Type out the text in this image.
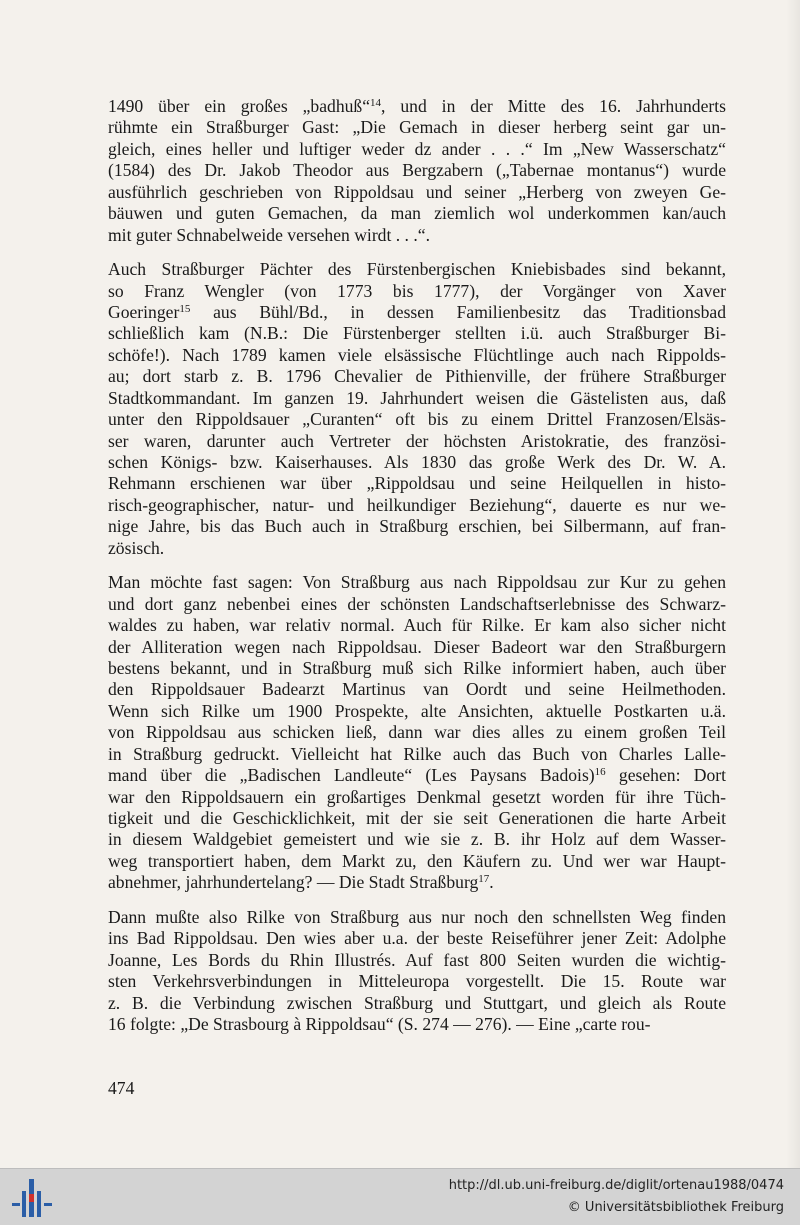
1490 über ein großes „badhuß“$^{14}$, und in der Mitte des 16. Jahrhunderts
rühmte ein Straßburger Gast: „Die Gemach in dieser herberg seint gar un-
gleich, eines heller und luftiger weder dz ander . . .“ Im „New Wasserschatz“
(1584) des Dr. Jakob Theodor aus Bergzabern („Tabernae montanus“) wurde
ausführlich geschrieben von Rippoldsau und seiner „Herberg von zweyen Ge-
bäuwen und guten Gemachen, da man ziemlich wol underkommen kan/auch
mit guter Schnabelweide versehen wirdt . . .“.
Auch Straßburger Pächter des Fürstenbergischen Kniebisbades sind bekannt,
so Franz Wengler (von 1773 bis 1777), der Vorgänger von Xaver
Goeringer$^{15}$ aus Bühl/Bd., in dessen Familienbesitz das Traditionsbad
schließlich kam (N.B.: Die Fürstenberger stellten i.ü. auch Straßburger Bi-
schöfe!). Nach 1789 kamen viele elsässische Flüchtlinge auch nach Rippolds-
au; dort starb z. B. 1796 Chevalier de Pithienville, der frühere Straßburger
Stadtkommandant. Im ganzen 19. Jahrhundert weisen die Gästelisten aus, daß
unter den Rippoldsauer „Curanten“ oft bis zu einem Drittel Franzosen/Elsäs-
ser waren, darunter auch Vertreter der höchsten Aristokratie, des französi-
schen Königs- bzw. Kaiserhauses. Als 1830 das große Werk des Dr. W. A.
Rehmann erschienen war über „Rippoldsau und seine Heilquellen in histo-
risch-geographischer, natur- und heilkundiger Beziehung“, dauerte es nur we-
nige Jahre, bis das Buch auch in Straßburg erschien, bei Silbermann, auf fran-
zösisch.
Man möchte fast sagen: Von Straßburg aus nach Rippoldsau zur Kur zu gehen
und dort ganz nebenbei eines der schönsten Landschaftserlebnisse des Schwarz-
waldes zu haben, war relativ normal. Auch für Rilke. Er kam also sicher nicht
der Alliteration wegen nach Rippoldsau. Dieser Badeort war den Straßburgern
bestens bekannt, und in Straßburg muß sich Rilke informiert haben, auch über
den Rippoldsauer Badearzt Martinus van Oordt und seine Heilmethoden.
Wenn sich Rilke um 1900 Prospekte, alte Ansichten, aktuelle Postkarten u.ä.
von Rippoldsau aus schicken ließ, dann war dies alles zu einem großen Teil
in Straßburg gedruckt. Vielleicht hat Rilke auch das Buch von Charles Lalle-
mand über die „Badischen Landleute“ (Les Paysans Badois)$^{16}$ gesehen: Dort
war den Rippoldsauern ein großartiges Denkmal gesetzt worden für ihre Tüch-
tigkeit und die Geschicklichkeit, mit der sie seit Generationen die harte Arbeit
in diesem Waldgebiet gemeistert und wie sie z. B. ihr Holz auf dem Wasser-
weg transportiert haben, dem Markt zu, den Käufern zu. Und wer war Haupt-
abnehmer, jahrhundertelang? — Die Stadt Straßburg$^{17}$.
Dann mußte also Rilke von Straßburg aus nur noch den schnellsten Weg finden
ins Bad Rippoldsau. Den wies aber u.a. der beste Reiseführer jener Zeit: Adolphe
Joanne, Les Bords du Rhin Illustrés. Auf fast 800 Seiten wurden die wichtig-
sten Verkehrsverbindungen in Mitteleuropa vorgestellt. Die 15. Route war
z. B. die Verbindung zwischen Straßburg und Stuttgart, und gleich als Route
16 folgte: „De Strasbourg à Rippoldsau“ (S. 274 — 276). — Eine „carte rou-
474
http://dl.ub.uni-freiburg.de/diglit/ortenau1988/0474
© Universitätsbibliothek Freiburg
